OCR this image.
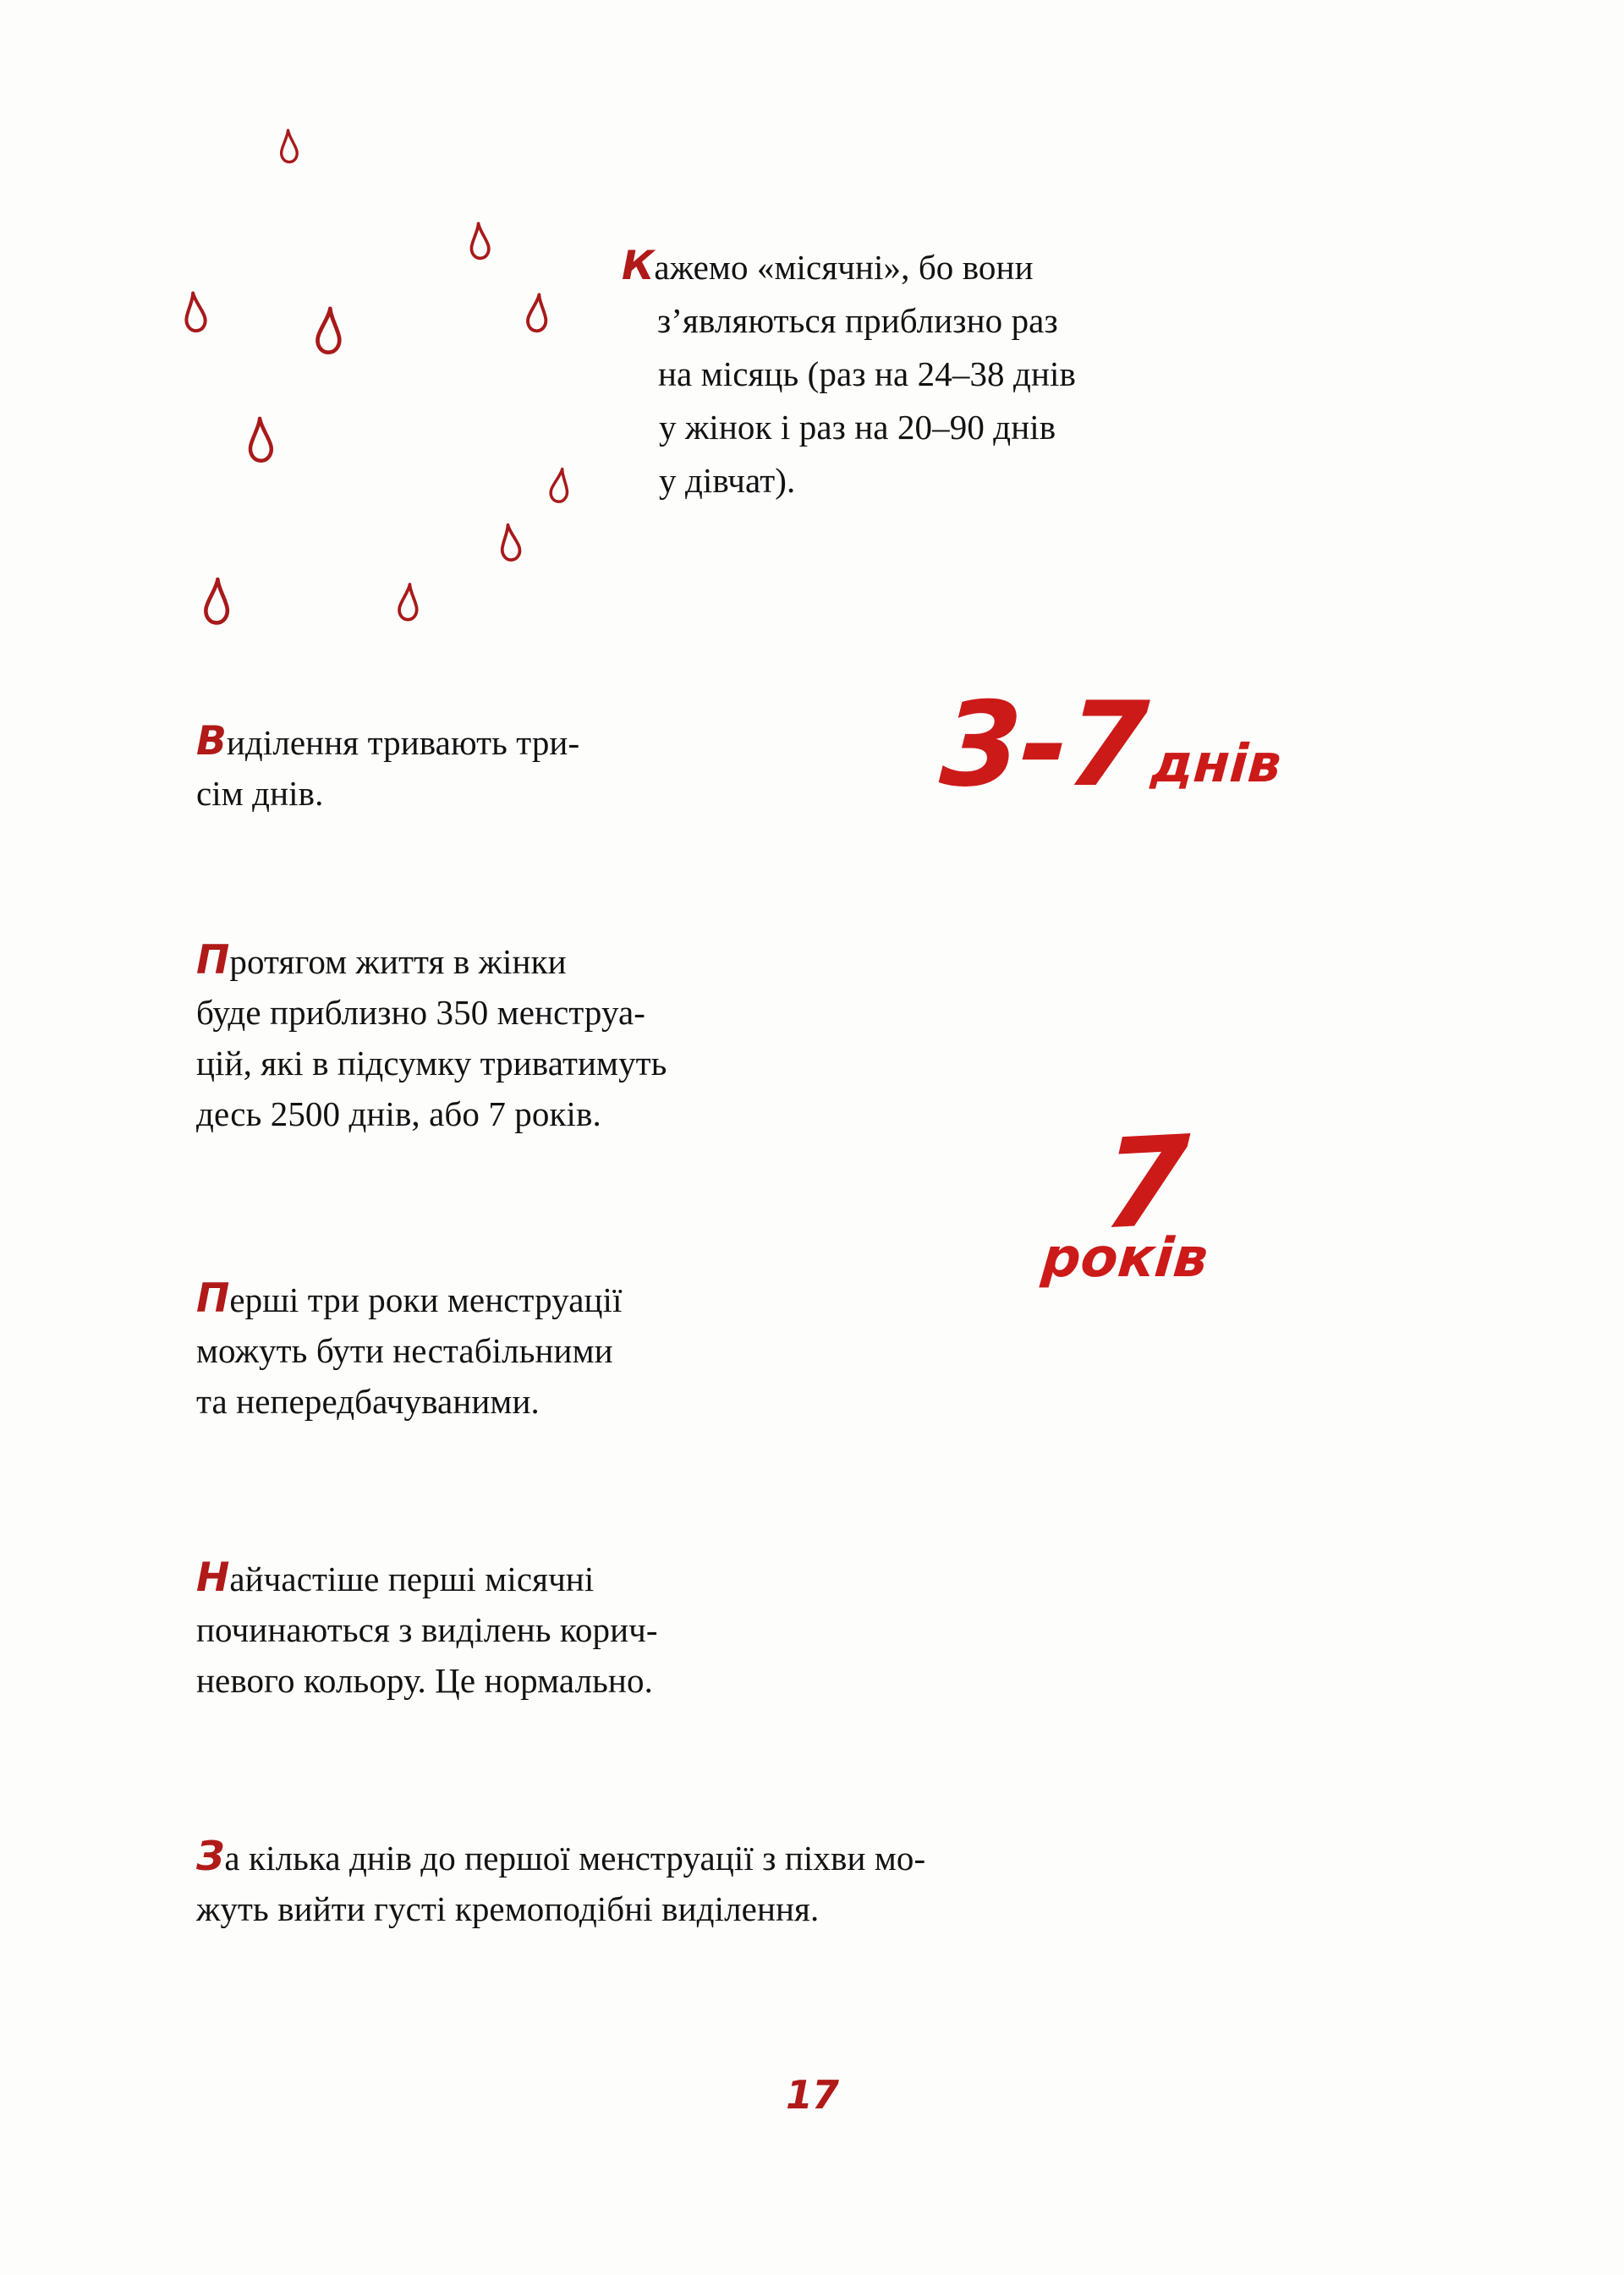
Кажемо «місячні», бо вони
з’являються приблизно раз
на місяць (раз на 24–38 днів
у жінок і раз на 20–90 днів
у дівчат).
Виділення тривають три-
сім днів.	3-7днів
Протягом життя в жінки
буде приблизно 350 менструа-
цій, які в підсумку триватимуть
десь 2500 днів, або 7 років.	7
років
Перші три роки менструації
можуть бути нестабільними
та непередбачуваними.
Найчастіше перші місячні
починаються з виділень корич-
невого кольору. Це нормально.
За кілька днів до першої менструації з піхви мо-
жуть вийти густі кремоподібні виділення.
17
